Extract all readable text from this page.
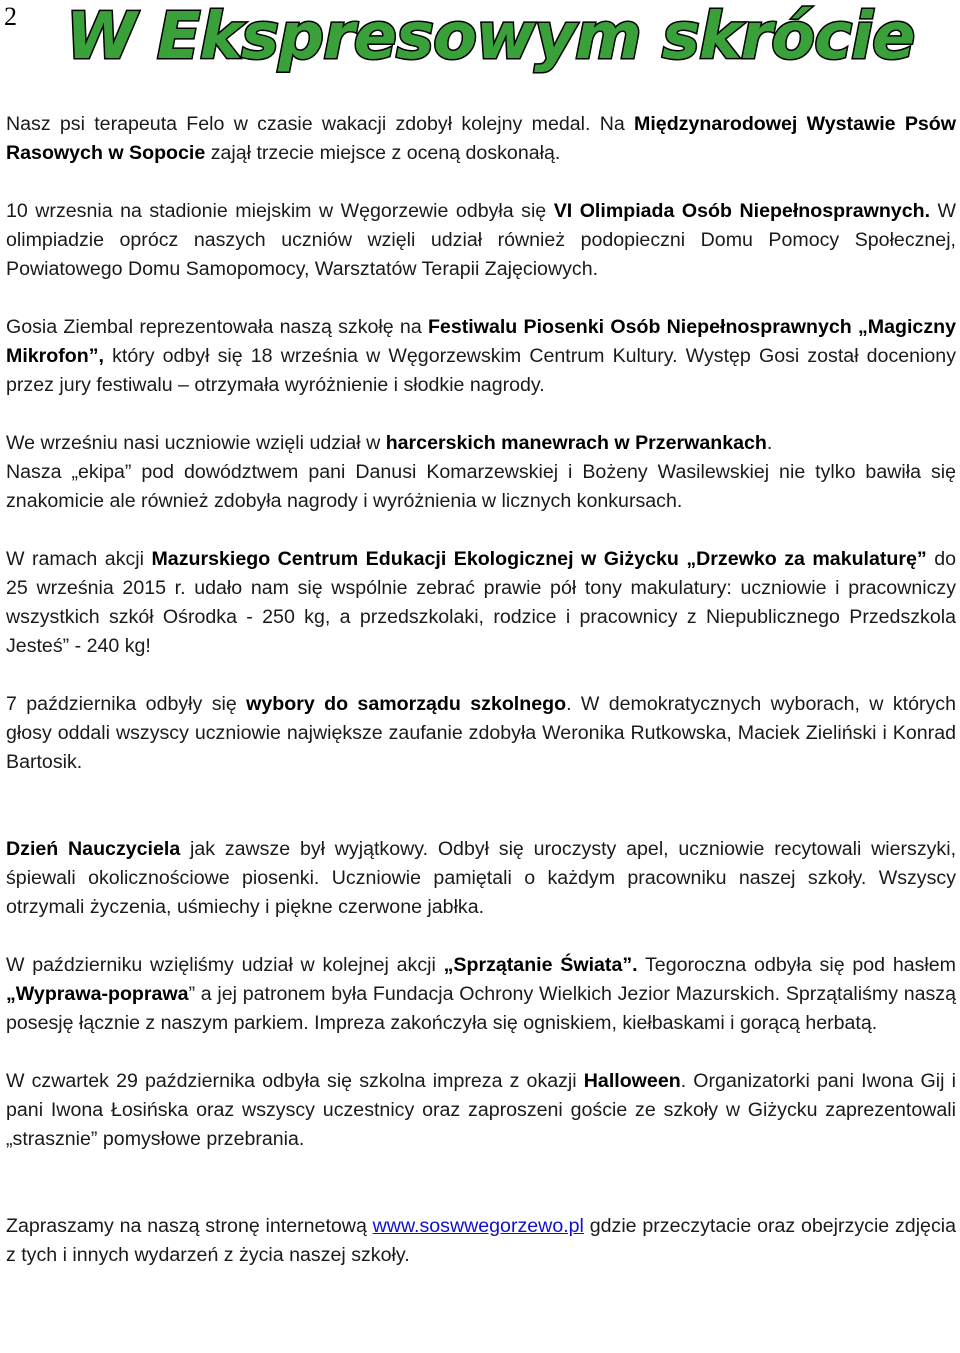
2 W Ekspresowym skrócie

Nasz psi terapeuta Felo w czasie wakacji zdobył kolejny medal. Na Międzynarodowej Wystawie Psów Rasowych w Sopocie zajął trzecie miejsce z oceną doskonałą.

10 wrzesnia na stadionie miejskim w Węgorzewie odbyła się VI Olimpiada Osób Niepełnosprawnych. W olimpiadzie oprócz naszych uczniów wzięli udział również podopieczni Domu Pomocy Społecznej, Powiatowego Domu Samopomocy, Warsztatów Terapii Zajęciowych.

Gosia Ziembal reprezentowała naszą szkołę na Festiwalu Piosenki Osób Niepełnosprawnych „Magiczny Mikrofon”, który odbył się 18 września w Węgorzewskim Centrum Kultury. Występ Gosi został doceniony przez jury festiwalu – otrzymała wyróżnienie i słodkie nagrody.

We wrześniu nasi uczniowie wzięli udział w harcerskich manewrach w Przerwankach.

Nasza „ekipa” pod dowództwem pani Danusi Komarzewskiej i Bożeny Wasilewskiej nie tylko bawiła się znakomicie ale również zdobyła nagrody i wyróżnienia w licznych konkursach.

W ramach akcji Mazurskiego Centrum Edukacji Ekologicznej w Giżycku „Drzewko za makulaturę” do 25 września 2015 r. udało nam się wspólnie zebrać prawie pół tony makulatury: uczniowie i pracowniczy wszystkich szkół Ośrodka - 250 kg, a przedszkolaki, rodzice i pracownicy z Niepublicznego Przedszkola Jesteś” - 240 kg!

7 października odbyły się wybory do samorządu szkolnego. W demokratycznych wyborach, w których głosy oddali wszyscy uczniowie największe zaufanie zdobyła Weronika Rutkowska, Maciek Zieliński i Konrad Bartosik.

Dzień Nauczyciela jak zawsze był wyjątkowy. Odbył się uroczysty apel, uczniowie recytowali wierszyki, śpiewali okolicznościowe piosenki. Uczniowie pamiętali o każdym pracowniku naszej szkoły. Wszyscy otrzymali życzenia, uśmiechy i piękne czerwone jabłka.

W październiku wzięliśmy udział w kolejnej akcji „Sprzątanie Świata”. Tegoroczna odbyła się pod hasłem „Wyprawa-poprawa” a jej patronem była Fundacja Ochrony Wielkich Jezior Mazurskich. Sprzątaliśmy naszą posesję łącznie z naszym parkiem. Impreza zakończyła się ogniskiem, kiełbaskami i gorącą herbatą.

W czwartek 29 października odbyła się szkolna impreza z okazji Halloween. Organizatorki pani Iwona Gij i pani Iwona Łosińska oraz wszyscy uczestnicy oraz zaproszeni goście ze szkoły w Giżycku zaprezentowali „strasznie” pomysłowe przebrania.

Zapraszamy na naszą stronę internetową www.soswwegorzewo.pl gdzie przeczytacie oraz obejrzycie zdjęcia z tych i innych wydarzeń z życia naszej szkoły.
